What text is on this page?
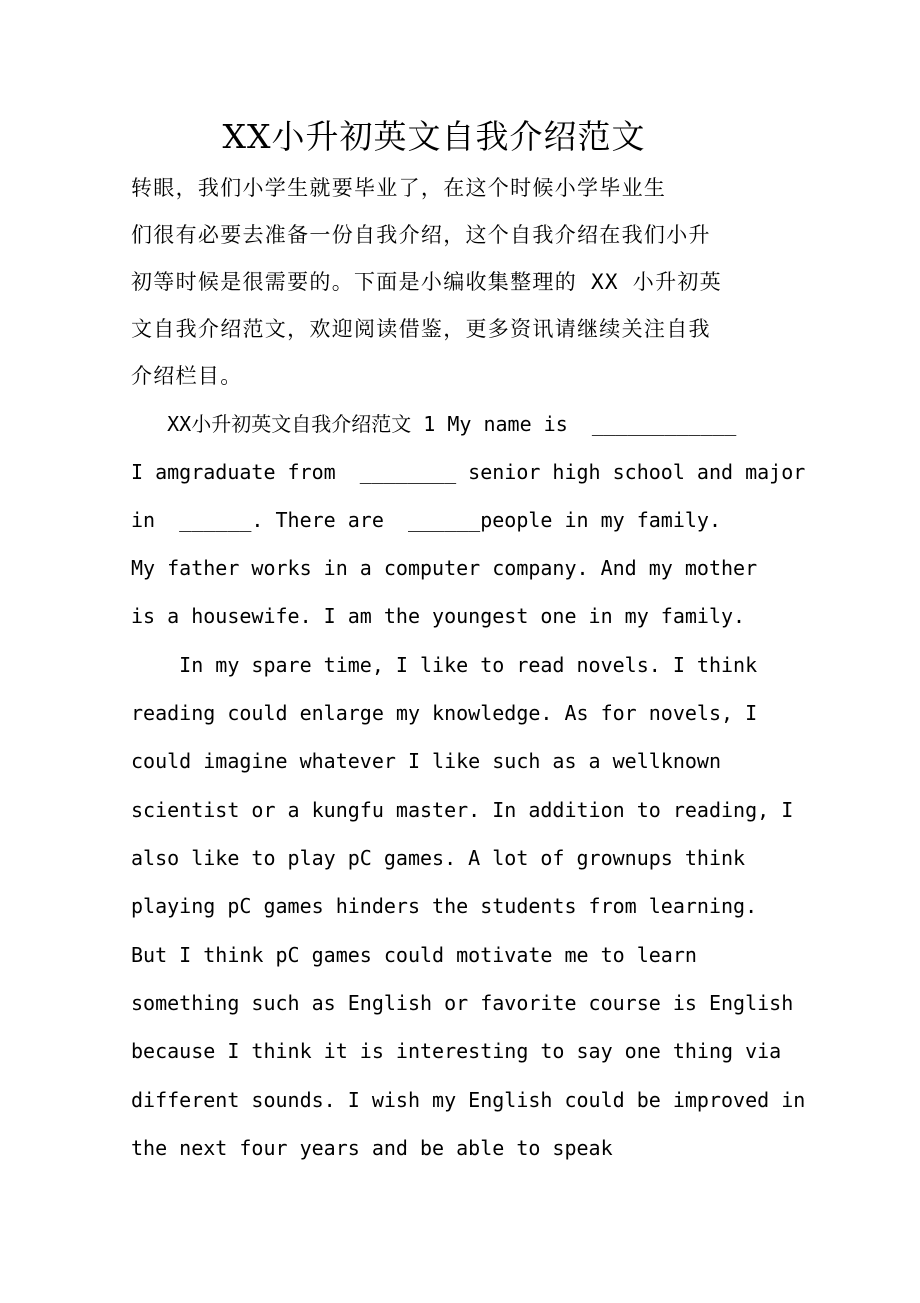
XX小升初英文自我介绍范文

转眼，我们小学生就要毕业了，在这个时候小学毕业生

们很有必要去准备一份自我介绍，这个自我介绍在我们小升

初等时候是很需要的。下面是小编收集整理的 XX 小升初英

文自我介绍范文，欢迎阅读借鉴，更多资讯请继续关注自我

介绍栏目。

XX小升初英文自我介绍范文 1 My name is  ____________

I amgraduate from  ________ senior high school and major

in  ______. There are  ______people in my family.

My father works in a computer company. And my mother

is a housewife. I am the youngest one in my family.

In my spare time, I like to read novels. I think

reading could enlarge my knowledge. As for novels, I

could imagine whatever I like such as a wellknown

scientist or a kungfu master. In addition to reading, I

also like to play pC games. A lot of grownups think

playing pC games hinders the students from learning.

But I think pC games could motivate me to learn

something such as English or favorite course is English

because I think it is interesting to say one thing via

different sounds. I wish my English could be improved in

the next four years and be able to speak
